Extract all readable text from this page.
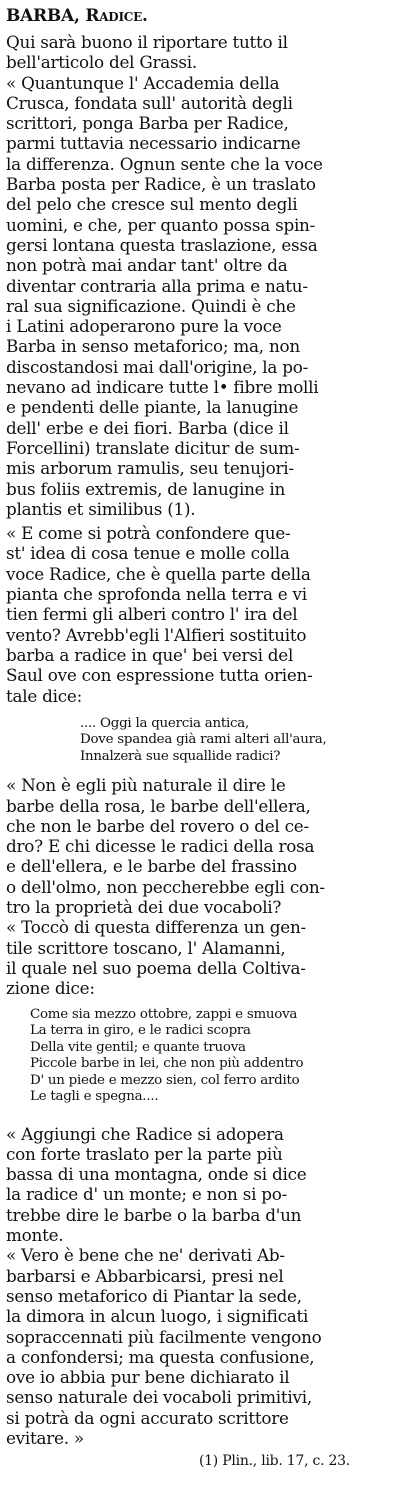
BARBA, Radice.
Qui sarà buono il riportare tutto il
bell'articolo del Grassi.
« Quantunque l' Accademia della
Crusca, fondata sull' autorità degli
scrittori, ponga Barba per Radice,
parmi tuttavia necessario indicarne
la differenza. Ognun sente che la voce
Barba posta per Radice, è un traslato
del pelo che cresce sul mento degli
uomini, e che, per quanto possa spin-
gersi lontana questa traslazione, essa
non potrà mai andar tant' oltre da
diventar contraria alla prima e natu-
ral sua significazione. Quindi è che
i Latini adoperarono pure la voce
Barba in senso metaforico; ma, non
discostandosi mai dall'origine, la po-
nevano ad indicare tutte l• fibre molli
e pendenti delle piante, la lanugine
dell' erbe e dei fiori. Barba (dice il
Forcellini) translate dicitur de sum-
mis arborum ramulis, seu tenujori-
bus foliis extremis, de lanugine in
plantis et similibus (1).
« E come si potrà confondere que-
st' idea di cosa tenue e molle colla
voce Radice, che è quella parte della
pianta che sprofonda nella terra e vi
tien fermi gli alberi contro l' ira del
vento? Avrebb'egli l'Alfieri sostituito
barba a radice in que' bei versi del
Saul ove con espressione tutta orien-
tale dice:
.... Oggi la quercia antica,
Dove spandea già rami alteri all'aura,
Innalzerà sue squallide radici?
« Non è egli più naturale il dire le
barbe della rosa, le barbe dell'ellera,
che non le barbe del rovero o del ce-
dro? E chi dicesse le radici della rosa
e dell'ellera, e le barbe del frassino
o dell'olmo, non peccherebbe egli con-
tro la proprietà dei due vocaboli?
« Toccò di questa differenza un gen-
tile scrittore toscano, l' Alamanni,
il quale nel suo poema della Coltiva-
zione dice:
Come sia mezzo ottobre, zappi e smuova
La terra in giro, e le radici scopra
Della vite gentil; e quante truova
Piccole barbe in lei, che non più addentro
D' un piede e mezzo sien, col ferro ardito
Le tagli e spegna....
« Aggiungi che Radice si adopera
con forte traslato per la parte più
bassa di una montagna, onde si dice
la radice d' un monte; e non si po-
trebbe dire le barbe o la barba d'un
monte.
« Vero è bene che ne' derivati Ab-
barbarsi e Abbarbicarsi, presi nel
senso metaforico di Piantar la sede,
la dimora in alcun luogo, i significati
sopraccennati più facilmente vengono
a confondersi; ma questa confusione,
ove io abbia pur bene dichiarato il
senso naturale dei vocaboli primitivi,
si potrà da ogni accurato scrittore
evitare. »
(1) Plin., lib. 17, c. 23.
